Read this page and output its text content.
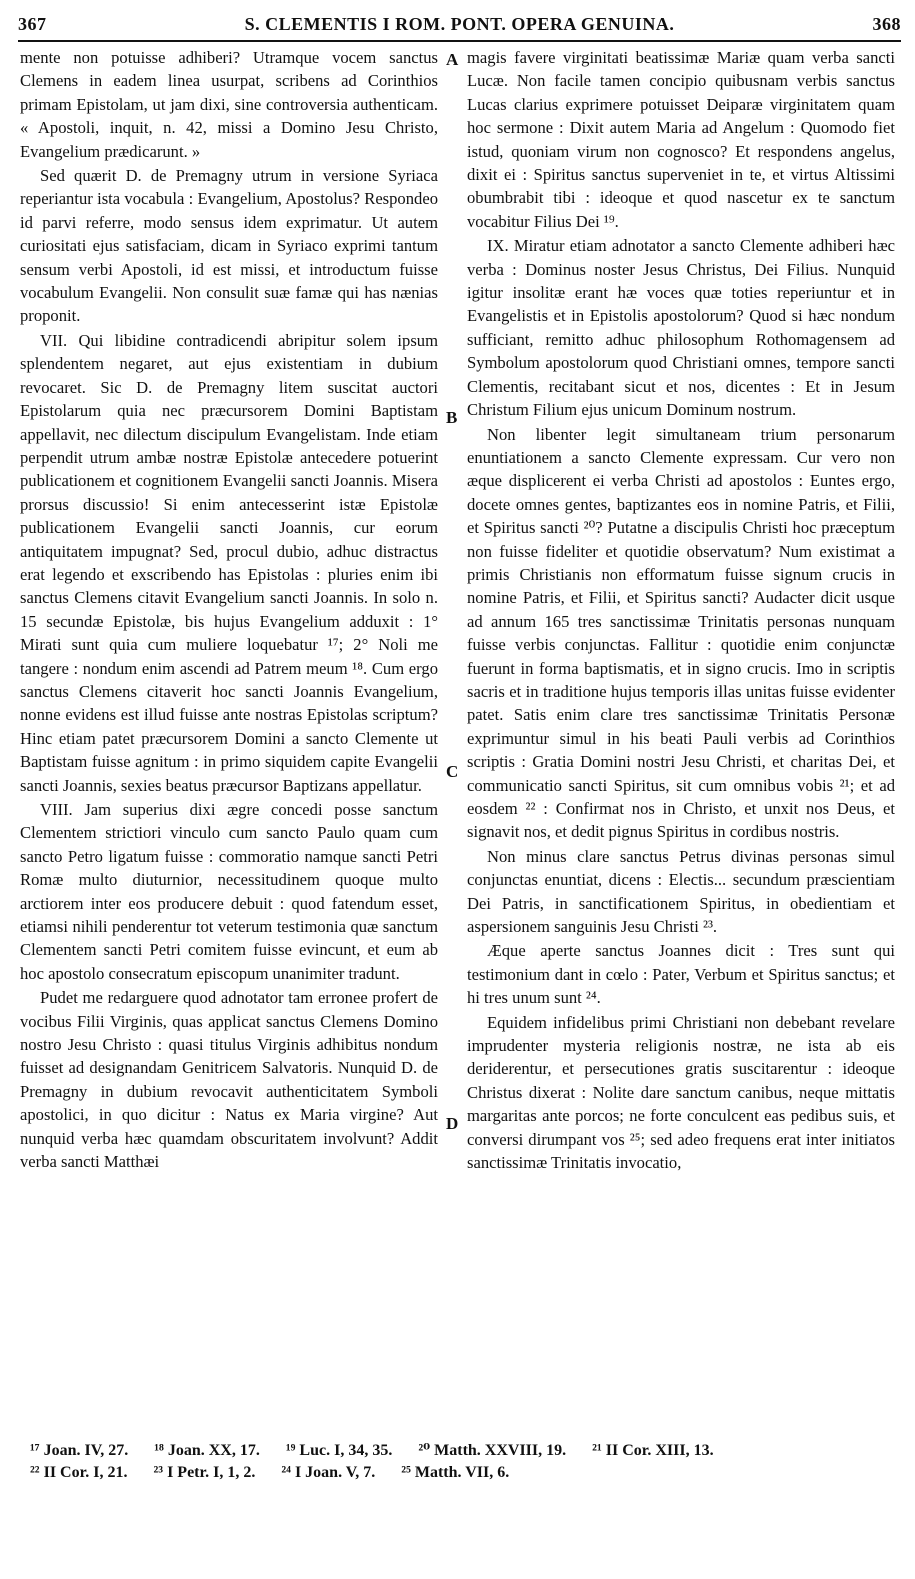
367	S. CLEMENTIS I ROM. PONT. OPERA GENUINA.	368

mente non potuisse adhiberi? Utramque vocem sanctus Clemens in eadem linea usurpat, scribens ad Corinthios primam Epistolam, ut jam dixi, sine controversia authenticam. « Apostoli, inquit, n. 42, missi a Domino Jesu Christo, Evangelium prædicarunt. »

Sed quærit D. de Premagny utrum in versione Syriaca reperiantur ista vocabula : Evangelium, Apostolus? Respondeo id parvi referre, modo sensus idem exprimatur. Ut autem curiositati ejus satisfaciam, dicam in Syriaco exprimi tantum sensum verbi Apostoli, id est missi, et introductum fuisse vocabulum Evangelii. Non consulit suæ famæ qui has nænias proponit.

VII. Qui libidine contradicendi abripitur solem ipsum splendentem negaret, aut ejus existentiam in dubium revocaret. Sic D. de Premagny litem suscitat auctori Epistolarum quia nec præcursorem Domini Baptistam appellavit, nec dilectum discipulum Evangelistam. Inde etiam perpendit utrum ambæ nostræ Epistolæ antecedere potuerint publicationem et cognitionem Evangelii sancti Joannis. Misera prorsus discussio! Si enim antecesserint istæ Epistolæ publicationem Evangelii sancti Joannis, cur eorum antiquitatem impugnat? Sed, procul dubio, adhuc distractus erat legendo et exscribendo has Epistolas : pluries enim ibi sanctus Clemens citavit Evangelium sancti Joannis. In solo n. 15 secundæ Epistolæ, bis hujus Evangelium adduxit : 1° Mirati sunt quia cum muliere loquebatur ¹⁷; 2° Noli me tangere : nondum enim ascendi ad Patrem meum ¹⁸. Cum ergo sanctus Clemens citaverit hoc sancti Joannis Evangelium, nonne evidens est illud fuisse ante nostras Epistolas scriptum? Hinc etiam patet præcursorem Domini a sancto Clemente ut Baptistam fuisse agnitum : in primo siquidem capite Evangelii sancti Joannis, sexies beatus præcursor Baptizans appellatur.

VIII. Jam superius dixi ægre concedi posse sanctum Clementem strictiori vinculo cum sancto Paulo quam cum sancto Petro ligatum fuisse : commoratio namque sancti Petri Romæ multo diuturnior, necessitudinem quoque multo arctiorem inter eos producere debuit : quod fatendum esset, etiamsi nihili penderentur tot veterum testimonia quæ sanctum Clementem sancti Petri comitem fuisse evincunt, et eum ab hoc apostolo consecratum episcopum unanimiter tradunt.

Pudet me redarguere quod adnotator tam erronee profert de vocibus Filii Virginis, quas applicat sanctus Clemens Domino nostro Jesu Christo : quasi titulus Virginis adhibitus nondum fuisset ad designandam Genitricem Salvatoris. Nunquid D. de Premagny in dubium revocavit authenticitatem Symboli apostolici, in quo dicitur : Natus ex Maria virgine? Aut nunquid verba hæc quamdam obscuritatem involvunt? Addit verba sancti Matthæi

A
B
C
D

magis favere virginitati beatissimæ Mariæ quam verba sancti Lucæ. Non facile tamen concipio quibusnam verbis sanctus Lucas clarius exprimere potuisset Deiparæ virginitatem quam hoc sermone : Dixit autem Maria ad Angelum : Quomodo fiet istud, quoniam virum non cognosco? Et respondens angelus, dixit ei : Spiritus sanctus superveniet in te, et virtus Altissimi obumbrabit tibi : ideoque et quod nascetur ex te sanctum vocabitur Filius Dei ¹⁹.

IX. Miratur etiam adnotator a sancto Clemente adhiberi hæc verba : Dominus noster Jesus Christus, Dei Filius. Nunquid igitur insolitæ erant hæ voces quæ toties reperiuntur et in Evangelistis et in Epistolis apostolorum? Quod si hæc nondum sufficiant, remitto adhuc philosophum Rothomagensem ad Symbolum apostolorum quod Christiani omnes, tempore sancti Clementis, recitabant sicut et nos, dicentes : Et in Jesum Christum Filium ejus unicum Dominum nostrum.

Non libenter legit simultaneam trium personarum enuntiationem a sancto Clemente expressam. Cur vero non æque displicerent ei verba Christi ad apostolos : Euntes ergo, docete omnes gentes, baptizantes eos in nomine Patris, et Filii, et Spiritus sancti ²⁰? Putatne a discipulis Christi hoc præceptum non fuisse fideliter et quotidie observatum? Num existimat a primis Christianis non efformatum fuisse signum crucis in nomine Patris, et Filii, et Spiritus sancti? Audacter dicit usque ad annum 165 tres sanctissimæ Trinitatis personas nunquam fuisse verbis conjunctas. Fallitur : quotidie enim conjunctæ fuerunt in forma baptismatis, et in signo crucis. Imo in scriptis sacris et in traditione hujus temporis illas unitas fuisse evidenter patet. Satis enim clare tres sanctissimæ Trinitatis Personæ exprimuntur simul in his beati Pauli verbis ad Corinthios scriptis : Gratia Domini nostri Jesu Christi, et charitas Dei, et communicatio sancti Spiritus, sit cum omnibus vobis ²¹; et ad eosdem ²² : Confirmat nos in Christo, et unxit nos Deus, et signavit nos, et dedit pignus Spiritus in cordibus nostris.

Non minus clare sanctus Petrus divinas personas simul conjunctas enuntiat, dicens : Electis... secundum præscientiam Dei Patris, in sanctificationem Spiritus, in obedientiam et aspersionem sanguinis Jesu Christi ²³.

Æque aperte sanctus Joannes dicit : Tres sunt qui testimonium dant in cœlo : Pater, Verbum et Spiritus sanctus; et hi tres unum sunt ²⁴.

Equidem infidelibus primi Christiani non debebant revelare imprudenter mysteria religionis nostræ, ne ista ab eis deriderentur, et persecutiones gratis suscitarentur : ideoque Christus dixerat : Nolite dare sanctum canibus, neque mittatis margaritas ante porcos; ne forte conculcent eas pedibus suis, et conversi dirumpant vos ²⁵; sed adeo frequens erat inter initiatos sanctissimæ Trinitatis invocatio,

¹⁷ Joan. IV, 27. ¹⁸ Joan. XX, 17. ¹⁹ Luc. I, 34, 35. ²⁰ Matth. XXVIII, 19. ²¹ II Cor. XIII, 13.
²² II Cor. I, 21. ²³ I Petr. I, 1, 2. ²⁴ I Joan. V, 7. ²⁵ Matth. VII, 6.
